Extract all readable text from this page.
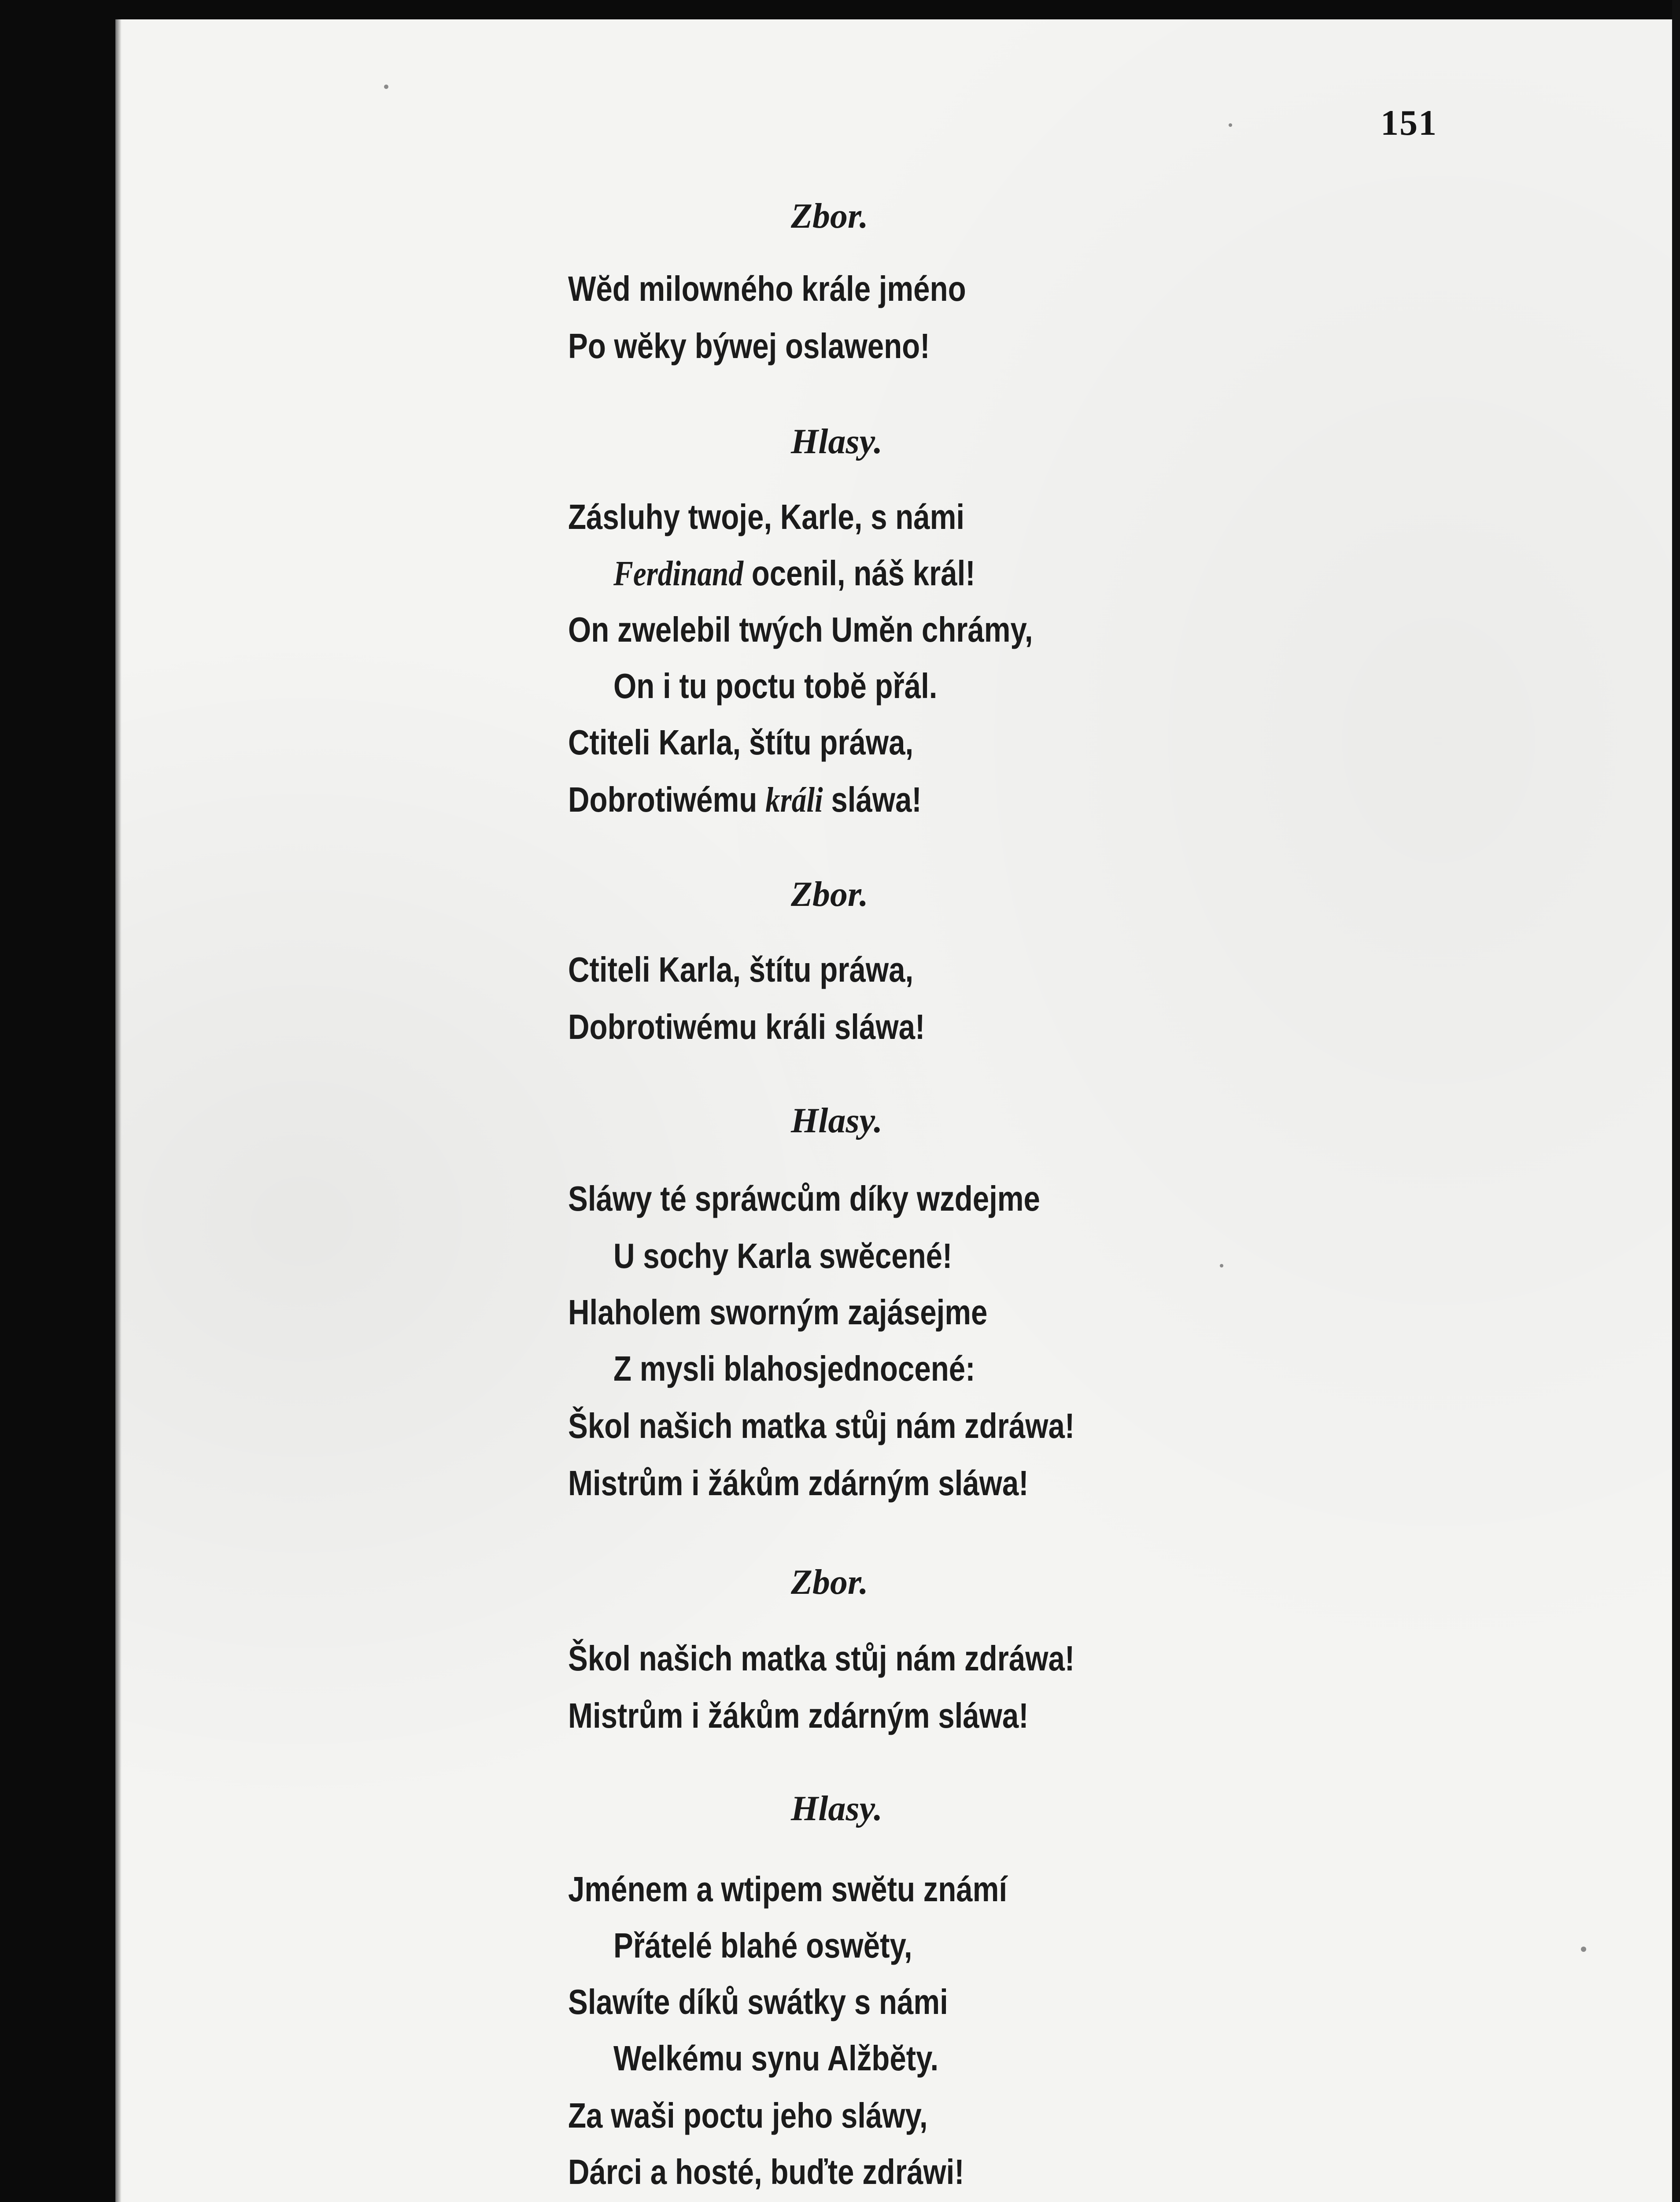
151
Zbor.
Wĕd milowného krále jméno
Po wĕky býwej oslaweno!
Hlasy.
Zásluhy twoje, Karle, s námi
Ferdinand ocenil, náš král!
On zwelebil twých Umĕn chrámy,
On i tu poctu tobĕ přál.
Ctiteli Karla, štítu práwa,
Dobrotiwému králi sláwa!
Zbor.
Ctiteli Karla, štítu práwa,
Dobrotiwému králi sláwa!
Hlasy.
Sláwy té spráwcům díky wzdejme
U sochy Karla swĕcené!
Hlaholem sworným zajásejme
Z mysli blahosjednocené:
Škol našich matka stůj nám zdráwa!
Mistrům i žákům zdárným sláwa!
Zbor.
Škol našich matka stůj nám zdráwa!
Mistrům i žákům zdárným sláwa!
Hlasy.
Jménem a wtipem swĕtu známí
Přátelé blahé oswĕty,
Slawíte díků swátky s námi
Welkému synu Alžbĕty.
Za waši poctu jeho sláwy,
Dárci a hosté, buďte zdráwi!
